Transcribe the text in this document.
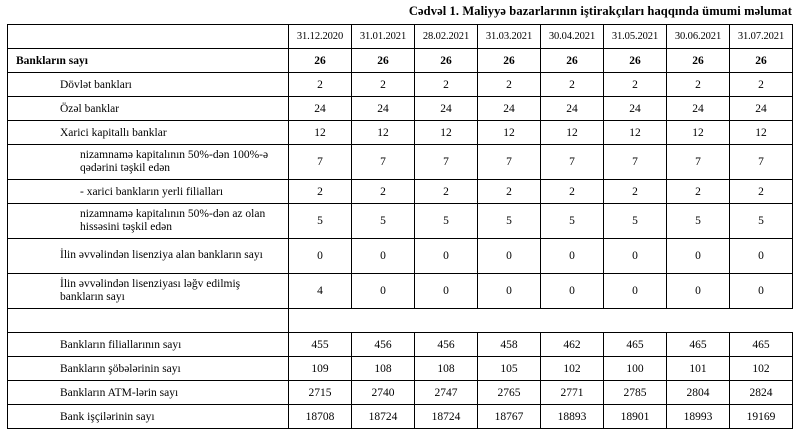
Cədvəl 1. Maliyyə bazarlarının iştirakçıları haqqında ümumi məlumat
	31.12.2020	31.01.2021	28.02.2021	31.03.2021	30.04.2021	31.05.2021	30.06.2021	31.07.2021

Bankların sayı	26	26	26	26	26	26	26	26

Dövlət bankları	2	2	2	2	2	2	2	2

Özəl banklar	24	24	24	24	24	24	24	24

Xarici kapitallı banklar	12	12	12	12	12	12	12	12

nizamnamə kapitalının 50%-dən 100%-ə qədərini təşkil edən	7	7	7	7	7	7	7	7

- xarici bankların yerli filialları	2	2	2	2	2	2	2	2

nizamnamə kapitalının 50%-dən az olan hissəsini təşkil edən	5	5	5	5	5	5	5	5

İlin əvvəlindən lisenziya alan bankların sayı	0	0	0	0	0	0	0	0

İlin əvvəlindən lisenziyası ləğv edilmiş bankların sayı	4	0	0	0	0	0	0	0

Bankların filiallarının sayı	455	456	456	458	462	465	465	465

Bankların şöbələrinin sayı	109	108	108	105	102	100	101	102

Bankların ATM-lərin sayı	2715	2740	2747	2765	2771	2785	2804	2824

Bank işçilərinin sayı	18708	18724	18724	18767	18893	18901	18993	19169
